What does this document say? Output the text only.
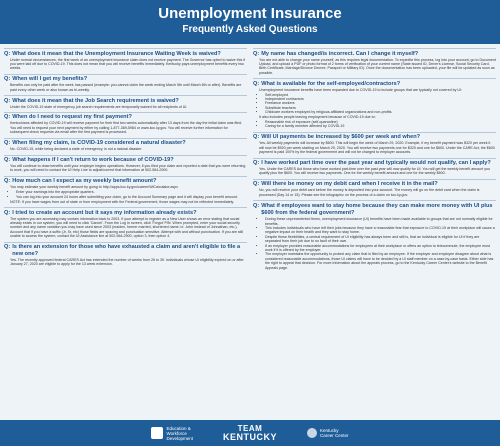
Unemployment Insurance
Frequently Asked Questions
Q: What does it mean that the Unemployment Insurance Waiting Week is waived?
Under normal circumstances, the first week of an unemployment insurance claim does not receive payment. The Governor has opted to waive this if you were laid off due to COVID-19. This does not mean that you will receive benefits immediately. Kentucky pays unemployment benefits every two weeks.
Q: When will I get my benefits?
Benefits can only be paid after the week has passed (example: you cannot claim the week ending March 5th until March 6th or after). Benefits are paid every other week or also known as bi-weekly.
Q: What does it mean that the Job Search requirement is waived?
Under the COVID-19 state of emergency job search requirements are temporarily waived for all recipients of UI.
Q: When do I need to request my first payment?
Kentuckians affected by COVID-19 will receive payment for their first two weeks automatically after 13 days from the day the initial claim was filed. You will need to request your next payment by either by calling 1-877-369-5984 or www.kcc.ky.gov. You will receive further information for subsequent check requests via email after the first payment is processed.
Q: When filing my claim, is COVID-19 considered a natural disaster?
No. COVID-19, while being declared a state of emergency, is not a natural disaster.
Q: What happens if I can't return to work because of COVID-19?
You will continue to draw benefits until your employer begins operations. However, if you filed your claim and reported a date that you were returning to work, you will need to contact the UI Help Line to adjust/correct that information at 502-564-2900.
Q: How much can I expect as my weekly benefit amount?
You may estimate your weekly benefit amount by going to http://apps.kcc.ky.gov/career/WiCalculator.aspx
• Enter your earnings into the appropriate quarters.
• You can log into your account 24 hours after submitting your claim, go to the Account Summary page and it will display your benefit amount.
NOTE: If you have wages from out of state or from employment with the Federal government, those wages may not be reflected immediately.
Q: I tried to create an account but it says my information already exists?
The system you are accessing may contain information back to 2003. If your attempt to register as a New User shows an error stating that social already exists in our system, you will need to click 'Cancel'. From the Log In screen, click 'Forgot' PIN. When prompted, enter your social security number and any name variation you may have used since 2003 (maiden, former married, shortened name i.e. John instead of Johnathan, etc.). Account that if you have a suffix (Jr, Sr, etc) those fields are spacing and punctuation sensitive. Attempt with and without punctuation. If you are still unable to access the system, contact the UI Assistance line at 502-564-2900, option 3, then option 4.
Q: Is there an extension for those who have exhausted a claim and aren't eligible to file a new one?
Yes. The recently approved federal CARES Act has extended the number of weeks from 26 to 39. Individuals whose UI eligibility expired on or after January 27, 2020 are eligible to apply for the 13 week extension.
Q: My name has changed/is incorrect. Can I change it myself?
You are not able to change your name yourself, as this requires legal documentation. To expedite this process, log into your account, go to Document Upload, and upload a PDF or photo format of 2 forms of verification of your current name (State issued ID, Driver's License, Social Security Card, Birth Certificate, Marriage/Divorce Decree, Passport or Military ID). Once the documentation has been uploaded, your file will be updated as soon as possible.
Q: What is available for the self-employed/contractors?
Unemployment insurance benefits have been expanded due to COVID-19 to include groups that are typically not covered by UI:
• Self-employed
• Independent contractors
• Freelance workers
• Substitute teachers
• Childcare workers employed by religious-affiliated organizations and non-profits.
It also includes people leaving employment because of COVID-19 due to:
• Reasonable risk of exposure (self-quarantine)
• Caring for a family member affected by COVID-19
Q: Will UI payments be increased by $600 per week and when?
Yes. All weekly payments will increase by $600. This will begin the week of March 29, 2020. Example, if my benefit payment was $320 per week it will now be $920 per week starting on March 29, 2020. You will receive two payments one for $320 and one for $600. Under the CARE Act, the $600 payment is paid 100% by the federal government and will not be charged to employer accounts.
Q: I have worked part time over the past year and typically would not qualify, can I apply?
Yes. Under the CARES Act those who have worked part-time over the past year will now qualify for UI. You will get the weekly benefit amount you qualify plus the $600. You will receive two payments. One for the weekly benefit amount and one for the weekly $600.
Q: Will there be money on my debit card when I receive it in the mail?
No, you will receive your debit card before the money is deposited into your account. The money will go on the debit card when the claim is processed (Day 14 or 15). Please see the infographic on the process of a claim on kcc.ky.gov.
Q: What if employees want to stay home because they can make more money with UI plus $600 from the federal government?
• During these unprecedented times, unemployment insurance (UI) benefits have been made available to groups that are not normally eligible for benefits.
• This includes individuals who have left their jobs because they have a reasonable fear that exposure to COVID-19 at their workplace will cause a negative impact on their health and they want to stay home.
• Despite these flexibilities, a central requirement of UI eligibility has always been and still is, that an individual is eligible for UI if they are separated from their job due to no fault of their own.
• If an employer provides reasonable accommodations for employees at their workplace or offers an option to telecommute, the employee must work if it is offered by the employer.
• The employer maintains the opportunity to protest any claim that is filed by an employee. If the employer and employee disagree about what is considered reasonable accommodations, those UI claims will have to be decided by a UI staff member on a case-by-case basis. Either side has the right to appeal that decision. For more information about the appeals process, go to the Kentucky Career Center's website to the Benefit Appeals page.
Education &
Workforce
Development
TEAM
KENTUCKY
Kentucky
Career Center
